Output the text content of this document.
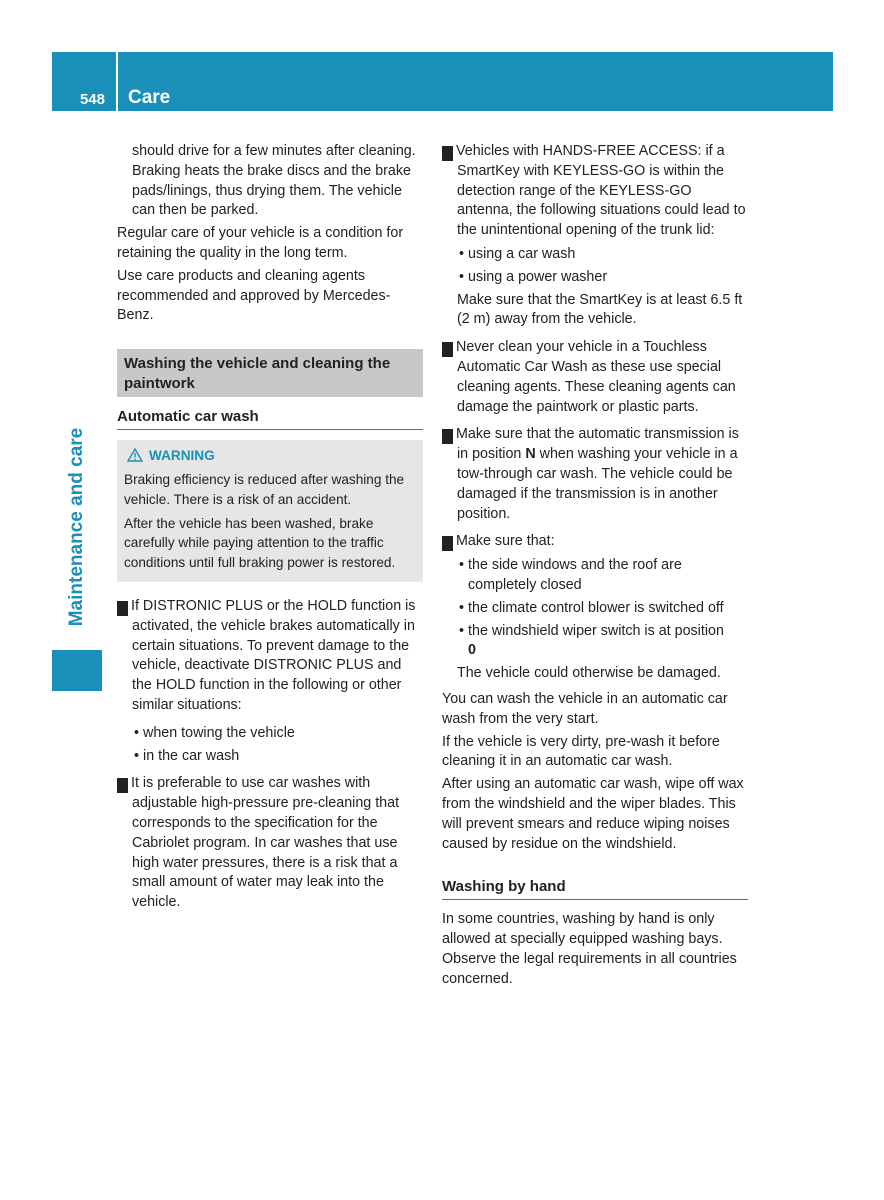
548	Care
Maintenance and care

should drive for a few minutes after cleaning. Braking heats the brake discs and the brake pads/linings, thus drying them. The vehicle can then be parked.

Regular care of your vehicle is a condition for retaining the quality in the long term.

Use care products and cleaning agents recommended and approved by Mercedes-Benz.

Washing the vehicle and cleaning the paintwork
Automatic car wash

WARNING

Braking efficiency is reduced after washing the vehicle. There is a risk of an accident.

After the vehicle has been washed, brake carefully while paying attention to the traffic conditions until full braking power is restored.

! If DISTRONIC PLUS or the HOLD function is activated, the vehicle brakes automatically in certain situations. To prevent damage to the vehicle, deactivate DISTRONIC PLUS and the HOLD function in the following or other similar situations:

• when towing the vehicle
• in the car wash

! It is preferable to use car washes with adjustable high-pressure pre-cleaning that corresponds to the specification for the Cabriolet program. In car washes that use high water pressures, there is a risk that a small amount of water may leak into the vehicle.

! Vehicles with HANDS-FREE ACCESS: if a SmartKey with KEYLESS-GO is within the detection range of the KEYLESS-GO antenna, the following situations could lead to the unintentional opening of the trunk lid:

• using a car wash
• using a power washer

Make sure that the SmartKey is at least 6.5 ft (2 m) away from the vehicle.

! Never clean your vehicle in a Touchless Automatic Car Wash as these use special cleaning agents. These cleaning agents can damage the paintwork or plastic parts.

! Make sure that the automatic transmission is in position N when washing your vehicle in a tow-through car wash. The vehicle could be damaged if the transmission is in another position.

! Make sure that:

• the side windows and the roof are completely closed
• the climate control blower is switched off
• the windshield wiper switch is at position
0

The vehicle could otherwise be damaged.

You can wash the vehicle in an automatic car wash from the very start.

If the vehicle is very dirty, pre-wash it before cleaning it in an automatic car wash.

After using an automatic car wash, wipe off wax from the windshield and the wiper blades. This will prevent smears and reduce wiping noises caused by residue on the windshield.

Washing by hand

In some countries, washing by hand is only allowed at specially equipped washing bays. Observe the legal requirements in all countries concerned.
